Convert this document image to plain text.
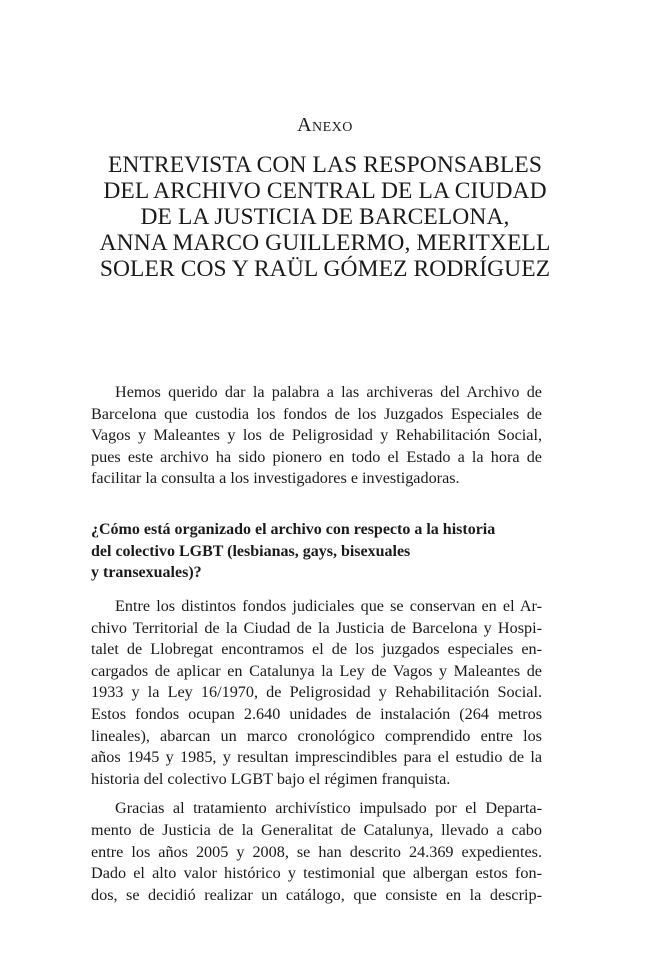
Anexo
ENTREVISTA CON LAS RESPONSABLES
DEL ARCHIVO CENTRAL DE LA CIUDAD
DE LA JUSTICIA DE BARCELONA,
ANNA MARCO GUILLERMO, MERITXELL
SOLER COS Y RAÜL GÓMEZ RODRÍGUEZ

Hemos querido dar la palabra a las archiveras del Archivo de
Barcelona que custodia los fondos de los Juzgados Especiales de
Vagos y Maleantes y los de Peligrosidad y Rehabilitación Social,
pues este archivo ha sido pionero en todo el Estado a la hora de
facilitar la consulta a los investigadores e investigadoras.

¿Cómo está organizado el archivo con respecto a la historia
del colectivo LGBT (lesbianas, gays, bisexuales
y transexuales)?

Entre los distintos fondos judiciales que se conservan en el Ar-
chivo Territorial de la Ciudad de la Justicia de Barcelona y Hospi-
talet de Llobregat encontramos el de los juzgados especiales en-
cargados de aplicar en Catalunya la Ley de Vagos y Maleantes de
1933 y la Ley 16/1970, de Peligrosidad y Rehabilitación Social.
Estos fondos ocupan 2.640 unidades de instalación (264 metros
lineales), abarcan un marco cronológico comprendido entre los
años 1945 y 1985, y resultan imprescindibles para el estudio de la
historia del colectivo LGBT bajo el régimen franquista.

Gracias al tratamiento archivístico impulsado por el Departa-
mento de Justicia de la Generalitat de Catalunya, llevado a cabo
entre los años 2005 y 2008, se han descrito 24.369 expedientes.
Dado el alto valor histórico y testimonial que albergan estos fon-
dos, se decidió realizar un catálogo, que consiste en la descrip-
